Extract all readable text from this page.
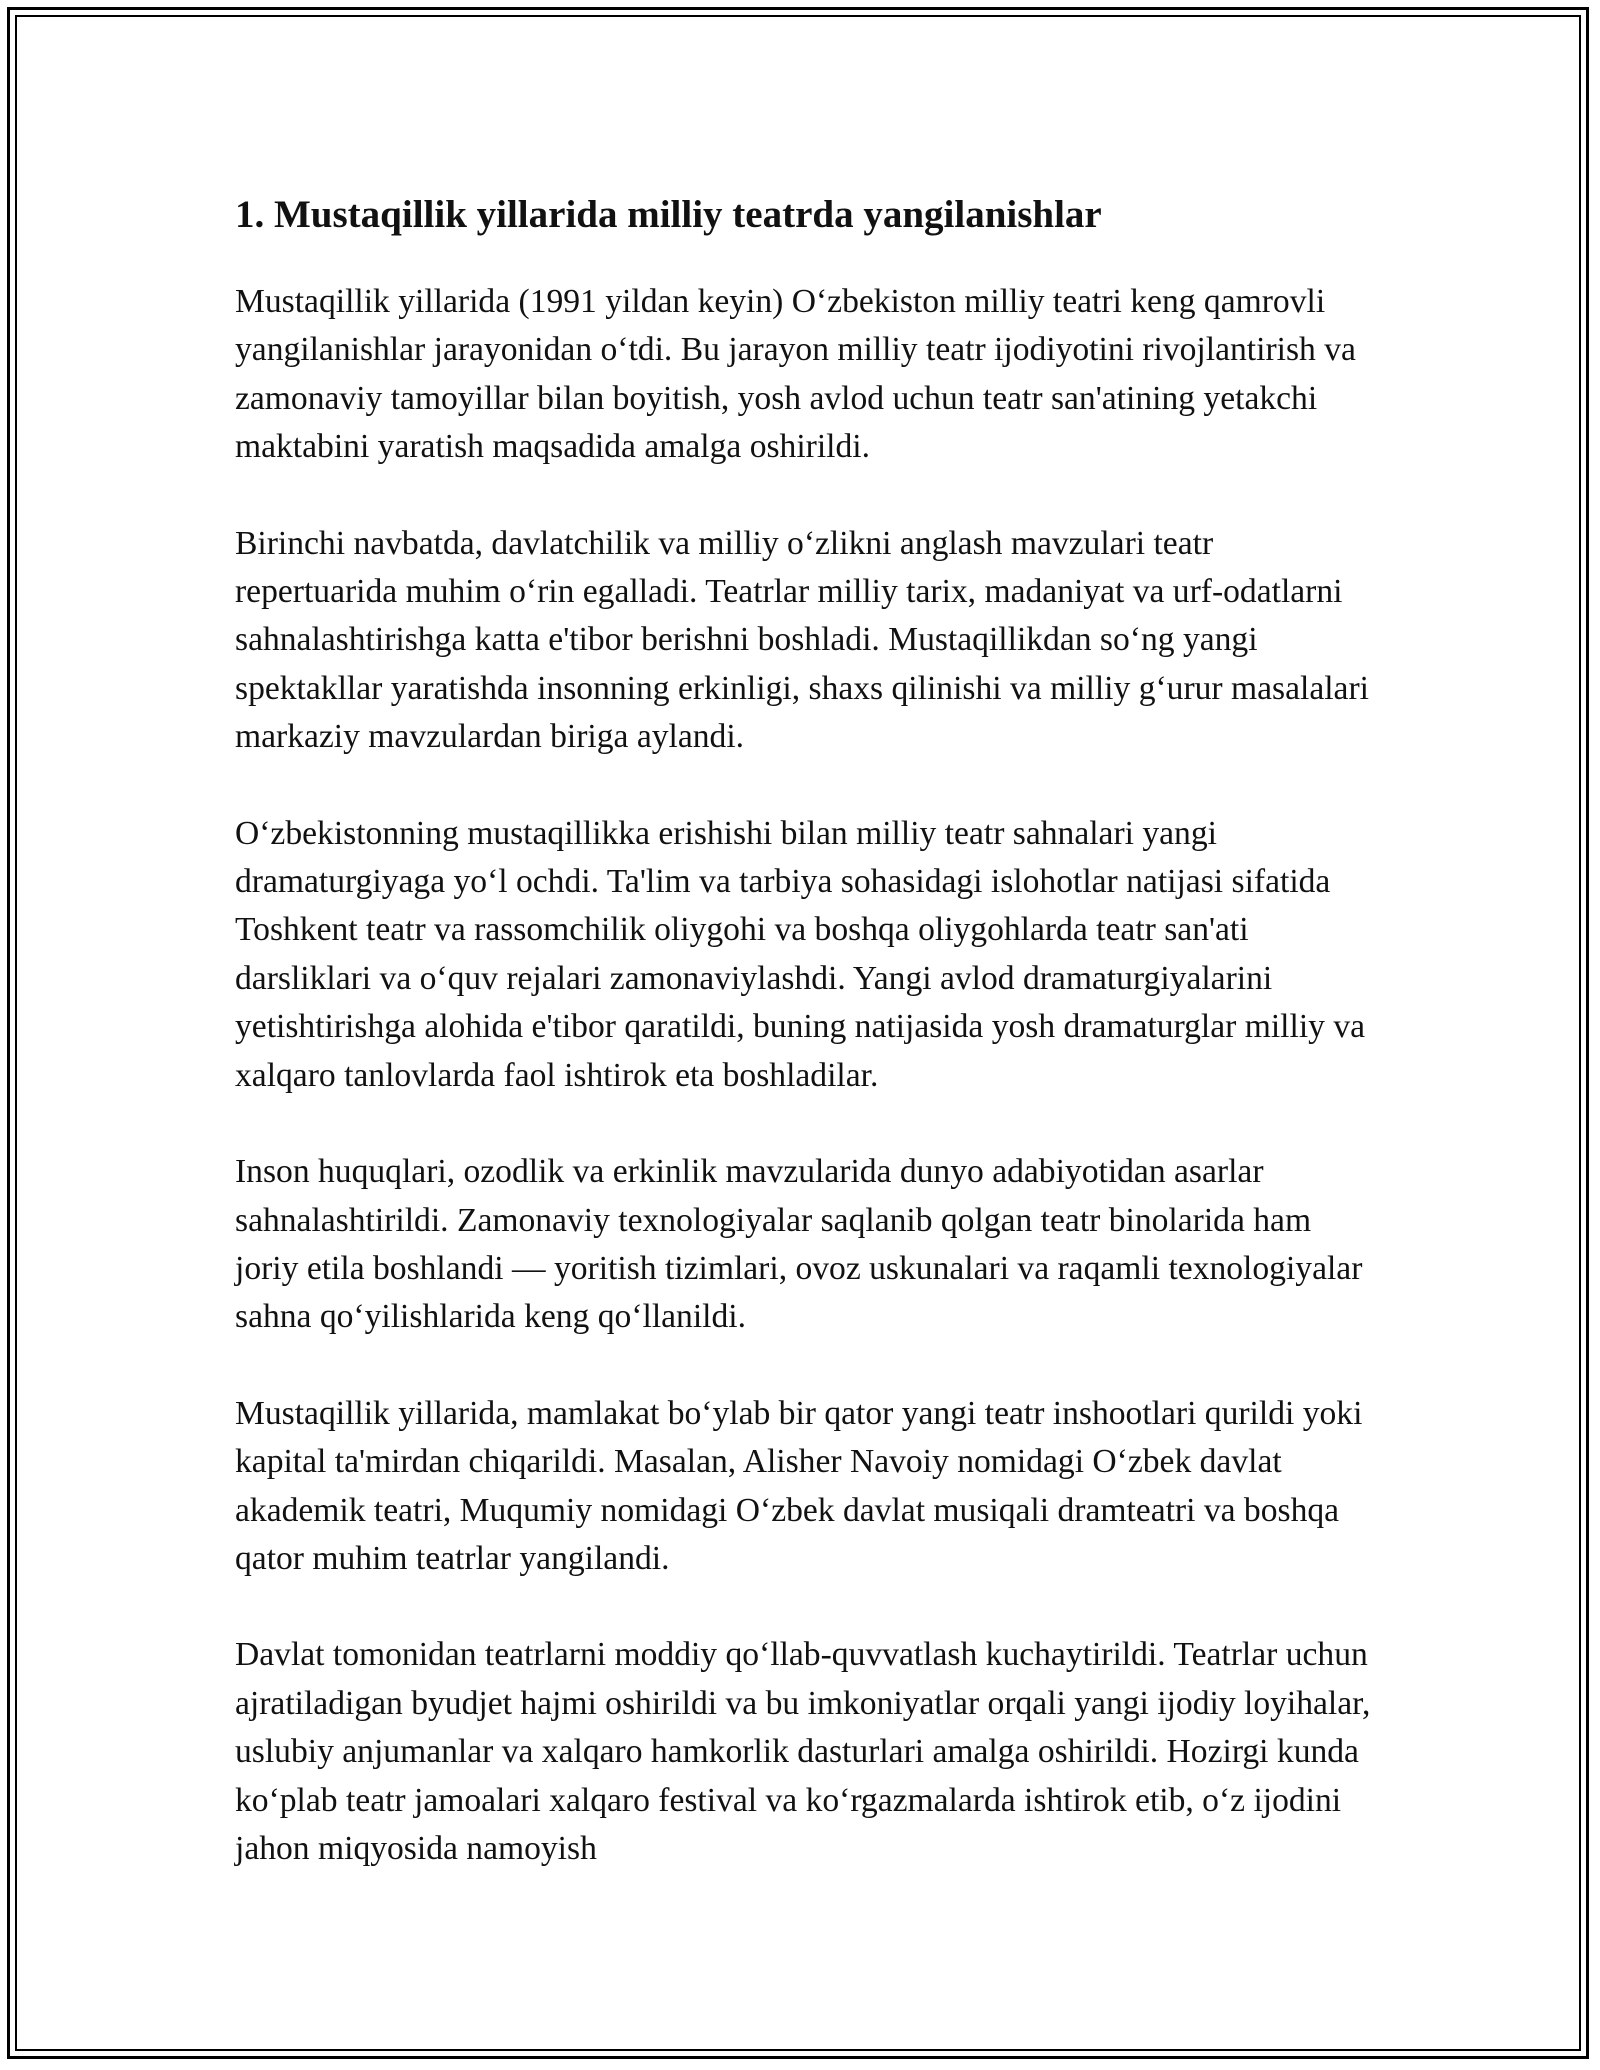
1. Mustaqillik yillarida milliy teatrda yangilanishlar

Mustaqillik yillarida (1991 yildan keyin) O‘zbekiston milliy teatri keng qamrovli yangilanishlar jarayonidan o‘tdi. Bu jarayon milliy teatr ijodiyotini rivojlantirish va zamonaviy tamoyillar bilan boyitish, yosh avlod uchun teatr san'atining yetakchi maktabini yaratish maqsadida amalga oshirildi.

Birinchi navbatda, davlatchilik va milliy o‘zlikni anglash mavzulari teatr repertuarida muhim o‘rin egalladi. Teatrlar milliy tarix, madaniyat va urf-odatlarni sahnalashtirishga katta e'tibor berishni boshladi. Mustaqillikdan so‘ng yangi spektakllar yaratishda insonning erkinligi, shaxs qilinishi va milliy g‘urur masalalari markaziy mavzulardan biriga aylandi.

O‘zbekistonning mustaqillikka erishishi bilan milliy teatr sahnalari yangi dramaturgiyaga yo‘l ochdi. Ta'lim va tarbiya sohasidagi islohotlar natijasi sifatida Toshkent teatr va rassomchilik oliygohi va boshqa oliygohlarda teatr san'ati darsliklari va o‘quv rejalari zamonaviylashdi. Yangi avlod dramaturgiyalarini yetishtirishga alohida e'tibor qaratildi, buning natijasida yosh dramaturglar milliy va xalqaro tanlovlarda faol ishtirok eta boshladilar.

Inson huquqlari, ozodlik va erkinlik mavzularida dunyo adabiyotidan asarlar sahnalashtirildi. Zamonaviy texnologiyalar saqlanib qolgan teatr binolarida ham joriy etila boshlandi — yoritish tizimlari, ovoz uskunalari va raqamli texnologiyalar sahna qo‘yilishlarida keng qo‘llanildi.

Mustaqillik yillarida, mamlakat bo‘ylab bir qator yangi teatr inshootlari qurildi yoki kapital ta'mirdan chiqarildi. Masalan, Alisher Navoiy nomidagi O‘zbek davlat akademik teatri, Muqumiy nomidagi O‘zbek davlat musiqali dramteatri va boshqa qator muhim teatrlar yangilandi.

Davlat tomonidan teatrlarni moddiy qo‘llab-quvvatlash kuchaytirildi. Teatrlar uchun ajratiladigan byudjet hajmi oshirildi va bu imkoniyatlar orqali yangi ijodiy loyihalar, uslubiy anjumanlar va xalqaro hamkorlik dasturlari amalga oshirildi. Hozirgi kunda ko‘plab teatr jamoalari xalqaro festival va ko‘rgazmalarda ishtirok etib, o‘z ijodini jahon miqyosida namoyish
